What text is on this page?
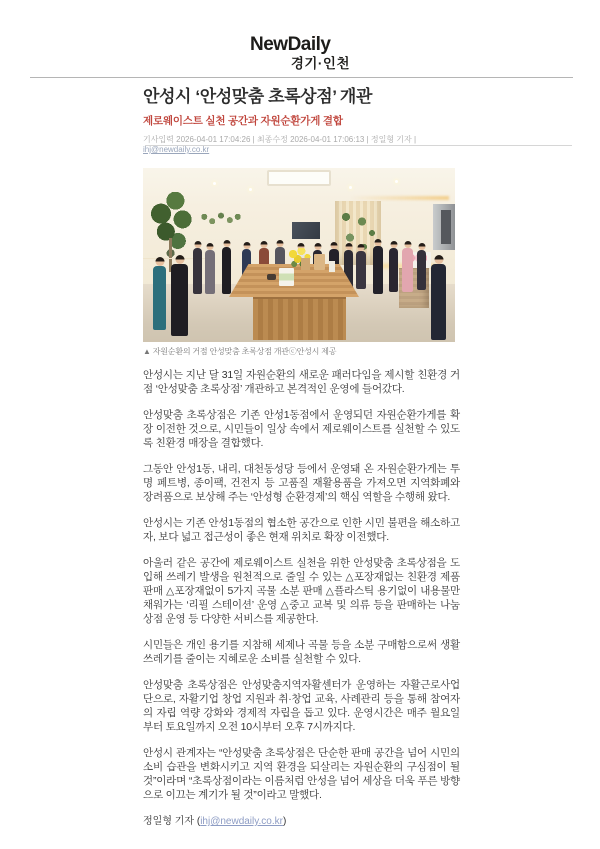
NewDaily
경기·인천
안성시 ‘안성맞춤 초록상점’ 개관
제로웨이스트 실천 공간과 자원순환가게 결합
기사입력 2026-04-01 17:04:26 | 최종수정 2026-04-01 17:06:13 | 정일형 기자 | ihj@newdaily.co.kr
▲ 자원순환의 거점 안성맞춤 초록상점 개관ⓒ안성시 제공

안성시는 지난 달 31일 자원순환의 새로운 패러다임을 제시할 친환경 거점 ‘안성맞춤 초록상점’ 개관하고 본격적인 운영에 들어갔다.

안성맞춤 초록상점은 기존 안성1동점에서 운영되던 자원순환가게를 확장 이전한 것으로, 시민들이 일상 속에서 제로웨이스트를 실천할 수 있도록 친환경 매장을 결합했다.

그동안 안성1동, 내리, 대천동성당 등에서 운영돼 온 자원순환가게는 투명 페트병, 종이팩, 건전지 등 고품질 재활용품을 가져오면 지역화폐와 장려품으로 보상해 주는 ‘안성형 순환경제’의 핵심 역할을 수행해 왔다.

안성시는 기존 안성1동점의 협소한 공간으로 인한 시민 불편을 해소하고자, 보다 넓고 접근성이 좋은 현재 위치로 확장 이전했다.

아울러 같은 공간에 제로웨이스트 실천을 위한 안성맞춤 초록상점을 도입해 쓰레기 발생을 원천적으로 줄일 수 있는 △포장재없는 친환경 제품 판매 △포장재없이 5가지 곡물 소분 판매 △플라스틱 용기없이 내용물만 채워가는 ‘리필 스테이션’ 운영 △중고 교복 및 의류 등을 판매하는 나눔상점 운영 등 다양한 서비스를 제공한다.

시민들은 개인 용기를 지참해 세제나 곡물 등을 소분 구매함으로써 생활 쓰레기를 줄이는 지혜로운 소비를 실천할 수 있다.

안성맞춤 초록상점은 안성맞춤지역자활센터가 운영하는 자활근로사업단으로, 자활기업 창업 지원과 취·창업 교육, 사례관리 등을 통해 참여자의 자립 역량 강화와 경제적 자립을 돕고 있다. 운영시간은 매주 월요일부터 토요일까지 오전 10시부터 오후 7시까지다.

안성시 관계자는 “안성맞춤 초록상점은 단순한 판매 공간을 넘어 시민의 소비 습관을 변화시키고 지역 환경을 되살리는 자원순환의 구심점이 될 것”이라며 “초록상점이라는 이름처럼 안성을 넘어 세상을 더욱 푸른 방향으로 이끄는 계기가 될 것”이라고 말했다.

정일형 기자 (ihj@newdaily.co.kr)
